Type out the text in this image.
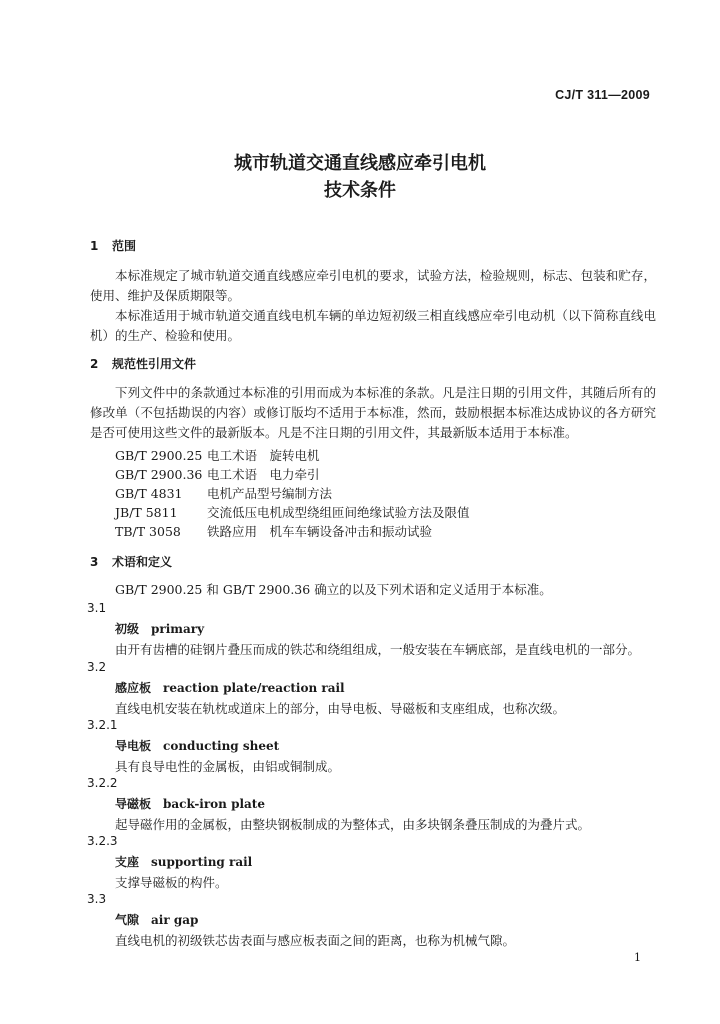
CJ/T 311—2009
城市轨道交通直线感应牵引电机
技术条件
1 范围
本标准规定了城市轨道交通直线感应牵引电机的要求，试验方法，检验规则，标志、包装和贮存，使用、维护及保质期限等。
本标准适用于城市轨道交通直线电机车辆的单边短初级三相直线感应牵引电动机（以下简称直线电机）的生产、检验和使用。
2 规范性引用文件
下列文件中的条款通过本标准的引用而成为本标准的条款。凡是注日期的引用文件，其随后所有的修改单（不包括勘误的内容）或修订版均不适用于本标准，然而，鼓励根据本标准达成协议的各方研究是否可使用这些文件的最新版本。凡是不注日期的引用文件，其最新版本适用于本标准。
GB/T 2900.25 电工术语　旋转电机
GB/T 2900.36 电工术语　电力牵引
GB/T 4831 电机产品型号编制方法
JB/T 5811 交流低压电机成型绕组匝间绝缘试验方法及限值
TB/T 3058 铁路应用　机车车辆设备冲击和振动试验
3 术语和定义
GB/T 2900.25 和 GB/T 2900.36 确立的以及下列术语和定义适用于本标准。
3.1
初级 primary
由开有齿槽的硅钢片叠压而成的铁芯和绕组组成，一般安装在车辆底部，是直线电机的一部分。
3.2
感应板 reaction plate/reaction rail
直线电机安装在轨枕或道床上的部分，由导电板、导磁板和支座组成，也称次级。
3.2.1
导电板 conducting sheet
具有良导电性的金属板，由铝或铜制成。
3.2.2
导磁板 back-iron plate
起导磁作用的金属板，由整块钢板制成的为整体式，由多块钢条叠压制成的为叠片式。
3.2.3
支座 supporting rail
支撑导磁板的构件。
3.3
气隙 air gap
直线电机的初级铁芯齿表面与感应板表面之间的距离，也称为机械气隙。
1
